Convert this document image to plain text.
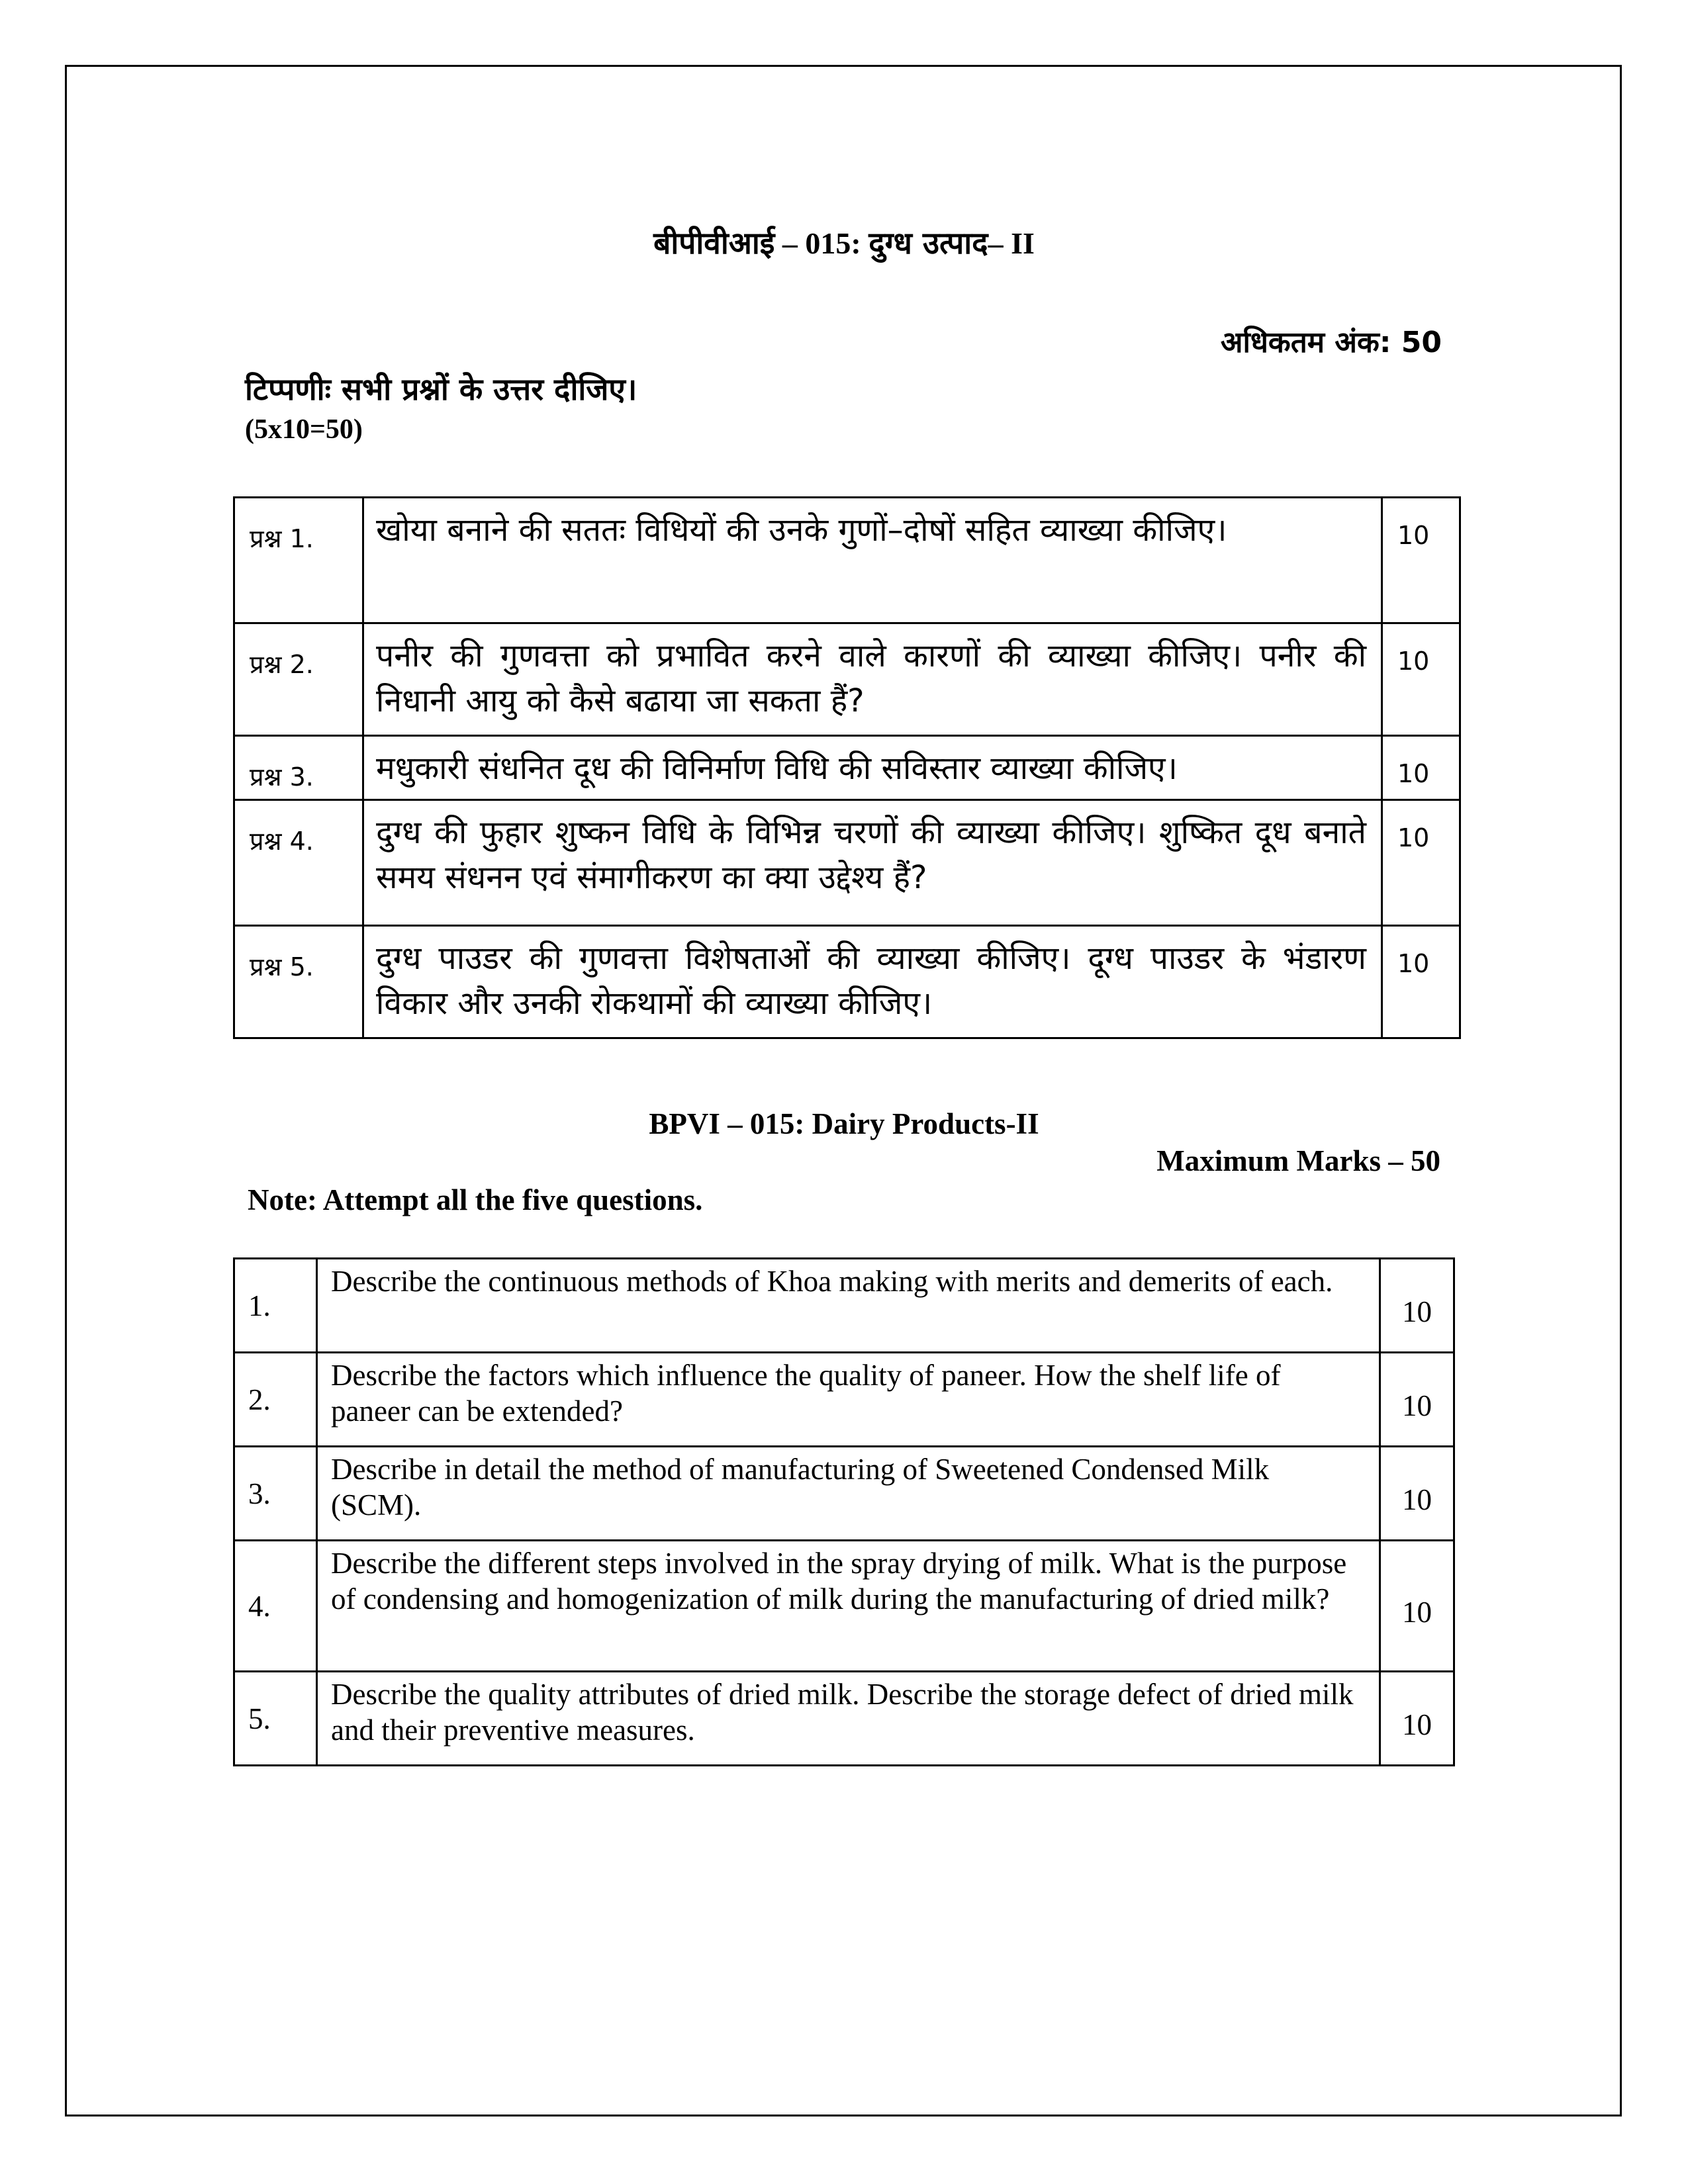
बीपीवीआई – 015: दुग्ध उत्पाद– II
अधिकतम अंक: 50
टिप्पणीः सभी प्रश्नों के उत्तर दीजिए।
(5x10=50)
प्रश्न 1.	खोया बनाने की सततः विधियों की उनके गुणों–दोषों सहित व्याख्या कीजिए।	10
प्रश्न 2.	पनीर की गुणवत्ता को प्रभावित करने वाले कारणों की व्याख्या कीजिए। पनीर की निधानी आयु को कैसे बढाया जा सकता हैं?	10
प्रश्न 3.	मधुकारी संधनित दूध की विनिर्माण विधि की सविस्तार व्याख्या कीजिए।	10
प्रश्न 4.	दुग्ध की फुहार शुष्कन विधि के विभिन्न चरणों की व्याख्या कीजिए। शुष्कित दूध बनाते समय संधनन एवं संमागीकरण का क्या उद्देश्य हैं?	10
प्रश्न 5.	दुग्ध पाउडर की गुणवत्ता विशेषताओं की व्याख्या कीजिए। दूग्ध पाउडर के भंडारण विकार और उनकी रोकथामों की व्याख्या कीजिए।	10
BPVI – 015: Dairy Products-II
Maximum Marks – 50
Note: Attempt all the five questions.
1.	Describe the continuous methods of Khoa making with merits and demerits of each.	10
2.	Describe the factors which influence the quality of paneer. How the shelf life of paneer can be extended?	10
3.	Describe in detail the method of manufacturing of Sweetened Condensed Milk (SCM).	10
4.	Describe the different steps involved in the spray drying of milk. What is the purpose of condensing and homogenization of milk during the manufacturing of dried milk?	10
5.	Describe the quality attributes of dried milk. Describe the storage defect of dried milk and their preventive measures.	10
